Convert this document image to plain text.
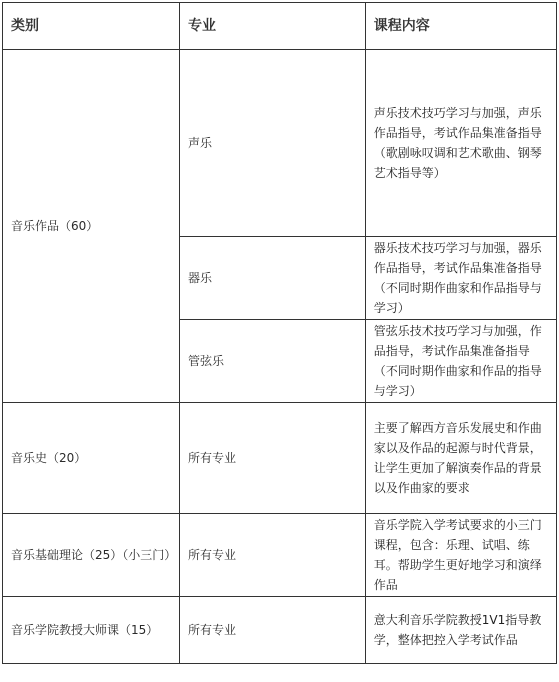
类别	专业	课程内容
音乐作品（60）	声乐	声乐技术技巧学习与加强，声乐作品指导，考试作品集准备指导（歌剧咏叹调和艺术歌曲、钢琴艺术指导等）
	器乐	器乐技术技巧学习与加强，器乐作品指导，考试作品集准备指导（不同时期作曲家和作品指导与学习）
	管弦乐	管弦乐技术技巧学习与加强，作品指导，考试作品集准备指导（不同时期作曲家和作品的指导与学习）
音乐史（20）	所有专业	主要了解西方音乐发展史和作曲家以及作品的起源与时代背景，让学生更加了解演奏作品的背景以及作曲家的要求
音乐基础理论（25）（小三门）	所有专业	音乐学院入学考试要求的小三门课程，包含：乐理、试唱、练耳。帮助学生更好地学习和演绎作品
音乐学院教授大师课（15）	所有专业	意大利音乐学院教授1V1指导教学，整体把控入学考试作品
